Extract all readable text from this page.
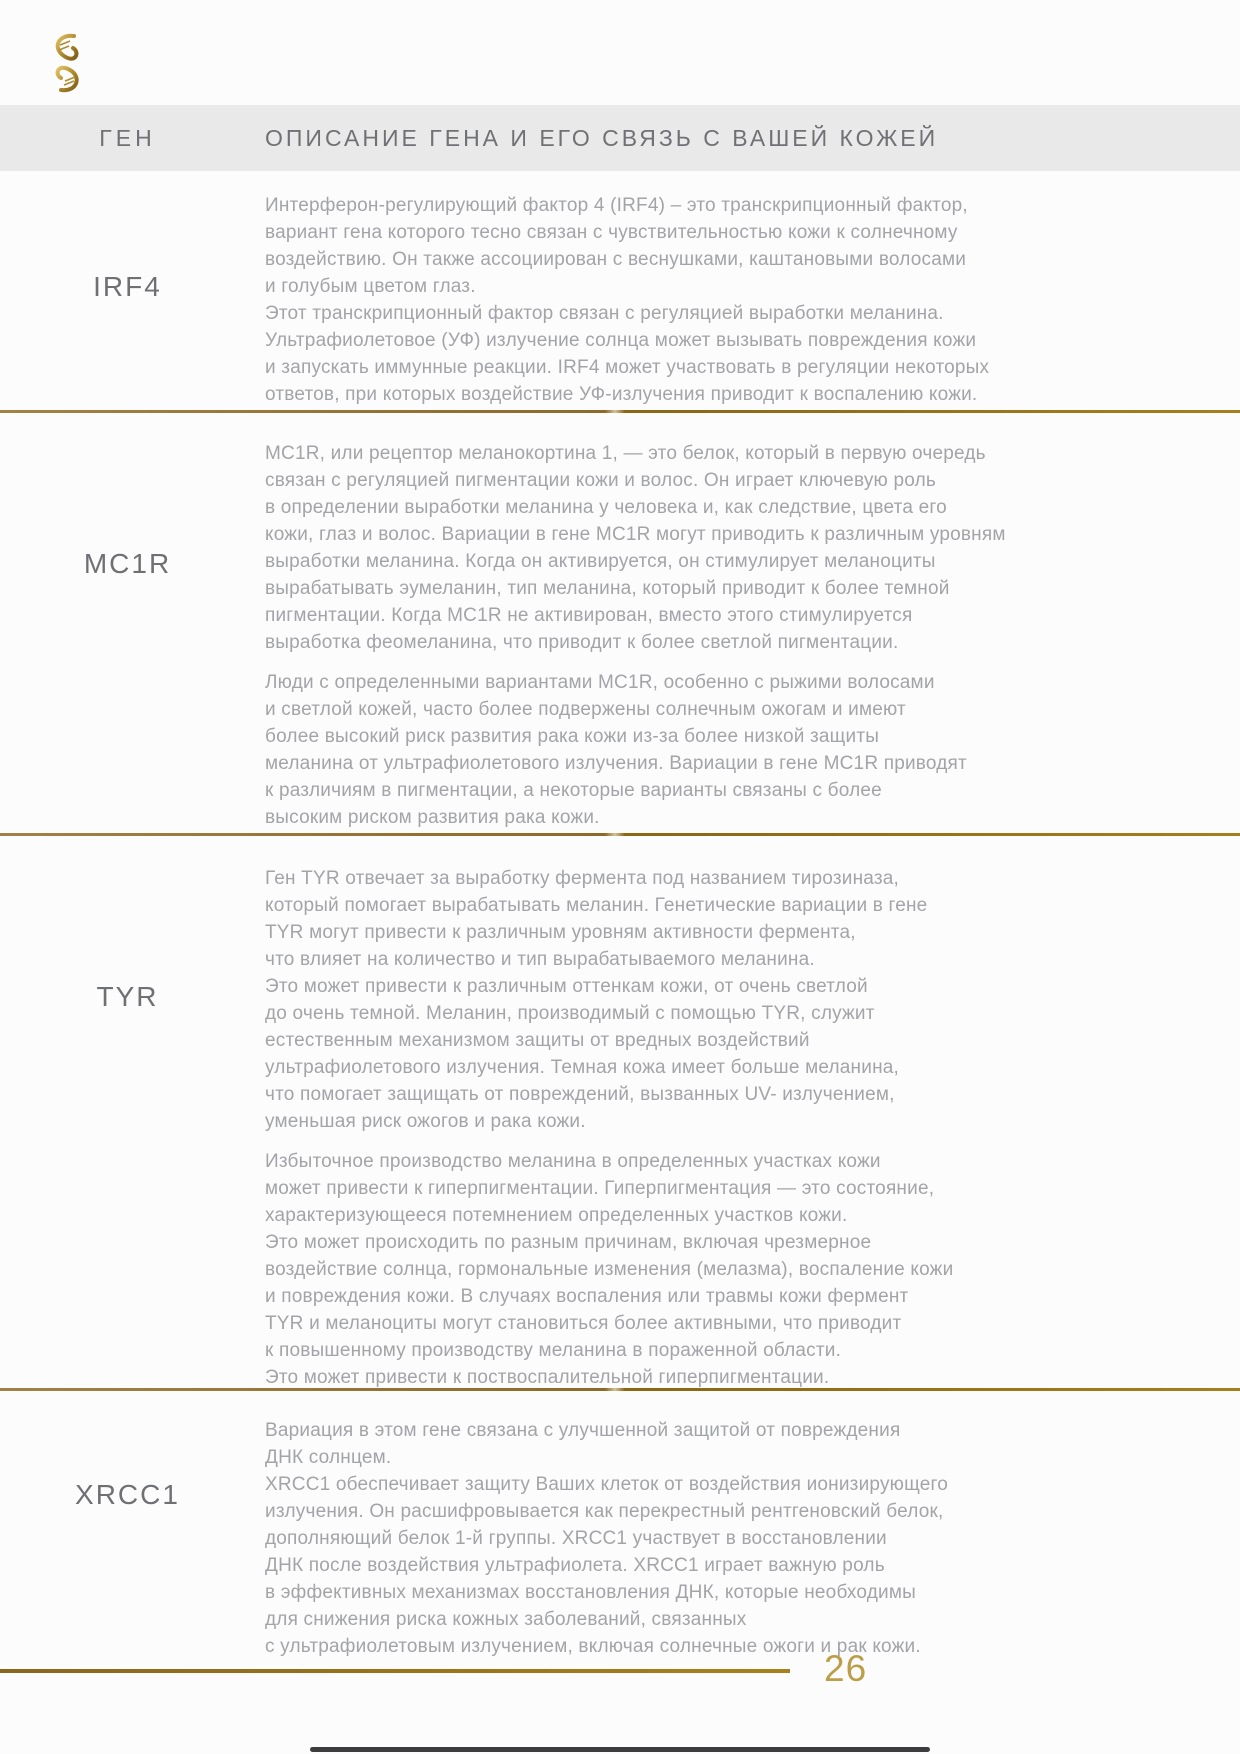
ГЕН	ОПИСАНИЕ ГЕНА И ЕГО СВЯЗЬ С ВАШЕЙ КОЖЕЙ
IRF4

Интерферон-регулирующий фактор 4 (IRF4) – это транскрипционный фактор,
вариант гена которого тесно связан с чувствительностью кожи к солнечному
воздействию. Он также ассоциирован с веснушками, каштановыми волосами
и голубым цветом глаз.
Этот транскрипционный фактор связан с регуляцией выработки меланина.
Ультрафиолетовое (УФ) излучение солнца может вызывать повреждения кожи
и запускать иммунные реакции. IRF4 может участвовать в регуляции некоторых
ответов, при которых воздействие УФ-излучения приводит к воспалению кожи.

MC1R

MC1R, или рецептор меланокортина 1, — это белок, который в первую очередь
связан с регуляцией пигментации кожи и волос. Он играет ключевую роль
в определении выработки меланина у человека и, как следствие, цвета его
кожи, глаз и волос. Вариации в гене MC1R могут приводить к различным уровням
выработки меланина. Когда он активируется, он стимулирует меланоциты
вырабатывать эумеланин, тип меланина, который приводит к более темной
пигментации. Когда MC1R не активирован, вместо этого стимулируется
выработка феомеланина, что приводит к более светлой пигментации.

Люди с определенными вариантами MC1R, особенно с рыжими волосами
и светлой кожей, часто более подвержены солнечным ожогам и имеют
более высокий риск развития рака кожи из-за более низкой защиты
меланина от ультрафиолетового излучения. Вариации в гене MC1R приводят
к различиям в пигментации, а некоторые варианты связаны с более
высоким риском развития рака кожи.

TYR

Ген TYR отвечает за выработку фермента под названием тирозиназа,
который помогает вырабатывать меланин. Генетические вариации в гене
TYR могут привести к различным уровням активности фермента,
что влияет на количество и тип вырабатываемого меланина.
Это может привести к различным оттенкам кожи, от очень светлой
до очень темной. Меланин, производимый с помощью TYR, служит
естественным механизмом защиты от вредных воздействий
ультрафиолетового излучения. Темная кожа имеет больше меланина,
что помогает защищать от повреждений, вызванных UV- излучением,
уменьшая риск ожогов и рака кожи.

Избыточное производство меланина в определенных участках кожи
может привести к гиперпигментации. Гиперпигментация — это состояние,
характеризующееся потемнением определенных участков кожи.
Это может происходить по разным причинам, включая чрезмерное
воздействие солнца, гормональные изменения (мелазма), воспаление кожи
и повреждения кожи. В случаях воспаления или травмы кожи фермент
TYR и меланоциты могут становиться более активными, что приводит
к повышенному производству меланина в пораженной области.
Это может привести к поствоспалительной гиперпигментации.

XRCC1

Вариация в этом гене связана с улучшенной защитой от повреждения
ДНК солнцем.
XRCC1 обеспечивает защиту Ваших клеток от воздействия ионизирующего
излучения. Он расшифровывается как перекрестный рентгеновский белок,
дополняющий белок 1-й группы. XRCC1 участвует в восстановлении
ДНК после воздействия ультрафиолета. XRCC1 играет важную роль
в эффективных механизмах восстановления ДНК, которые необходимы
для снижения риска кожных заболеваний, связанных
с ультрафиолетовым излучением, включая солнечные ожоги и рак кожи.

26
